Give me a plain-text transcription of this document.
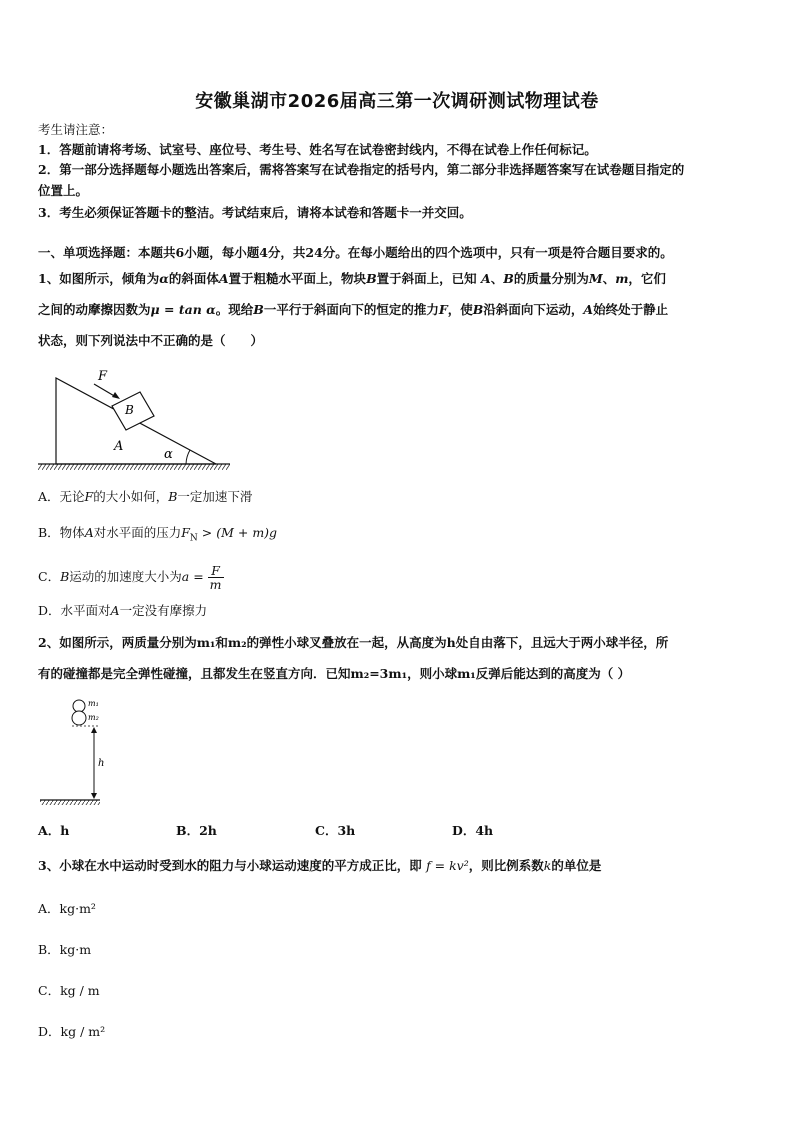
安徽巢湖市2026届高三第一次调研测试物理试卷
考生请注意：
1．答题前请将考场、试室号、座位号、考生号、姓名写在试卷密封线内，不得在试卷上作任何标记。
2．第一部分选择题每小题选出答案后，需将答案写在试卷指定的括号内，第二部分非选择题答案写在试卷题目指定的
位置上。
3．考生必须保证答题卡的整洁。考试结束后，请将本试卷和答题卡一并交回。
一、单项选择题：本题共6小题，每小题4分，共24分。在每小题给出的四个选项中，只有一项是符合题目要求的。
1、如图所示，倾角为α的斜面体A置于粗糙水平面上，物块B置于斜面上，已知 A、B的质量分别为M、m，它们
之间的动摩擦因数为μ = tan α。现给B一平行于斜面向下的恒定的推力F，使B沿斜面向下运动，A始终处于静止
状态，则下列说法中不正确的是（　　）
F
B
A
α
A．无论F的大小如何，B一定加速下滑
B．物体A对水平面的压力$F_N > (M + m)g$
C．B运动的加速度大小为$a = \frac{F}{m}$
D．水平面对A一定没有摩擦力
2、如图所示，两质量分别为m₁和m₂的弹性小球叉叠放在一起，从高度为h处自由落下，且远大于两小球半径，所
有的碰撞都是完全弹性碰撞，且都发生在竖直方向．已知m₂=3m₁，则小球m₁反弹后能达到的高度为（ ）
m₁
m₂
h
A．h	B．2h	C．3h	D．4h
3、小球在水中运动时受到水的阻力与小球运动速度的平方成正比，即 f = kv²，则比例系数k的单位是
A．kg·m²
B．kg·m
C．kg / m
D．kg / m²
